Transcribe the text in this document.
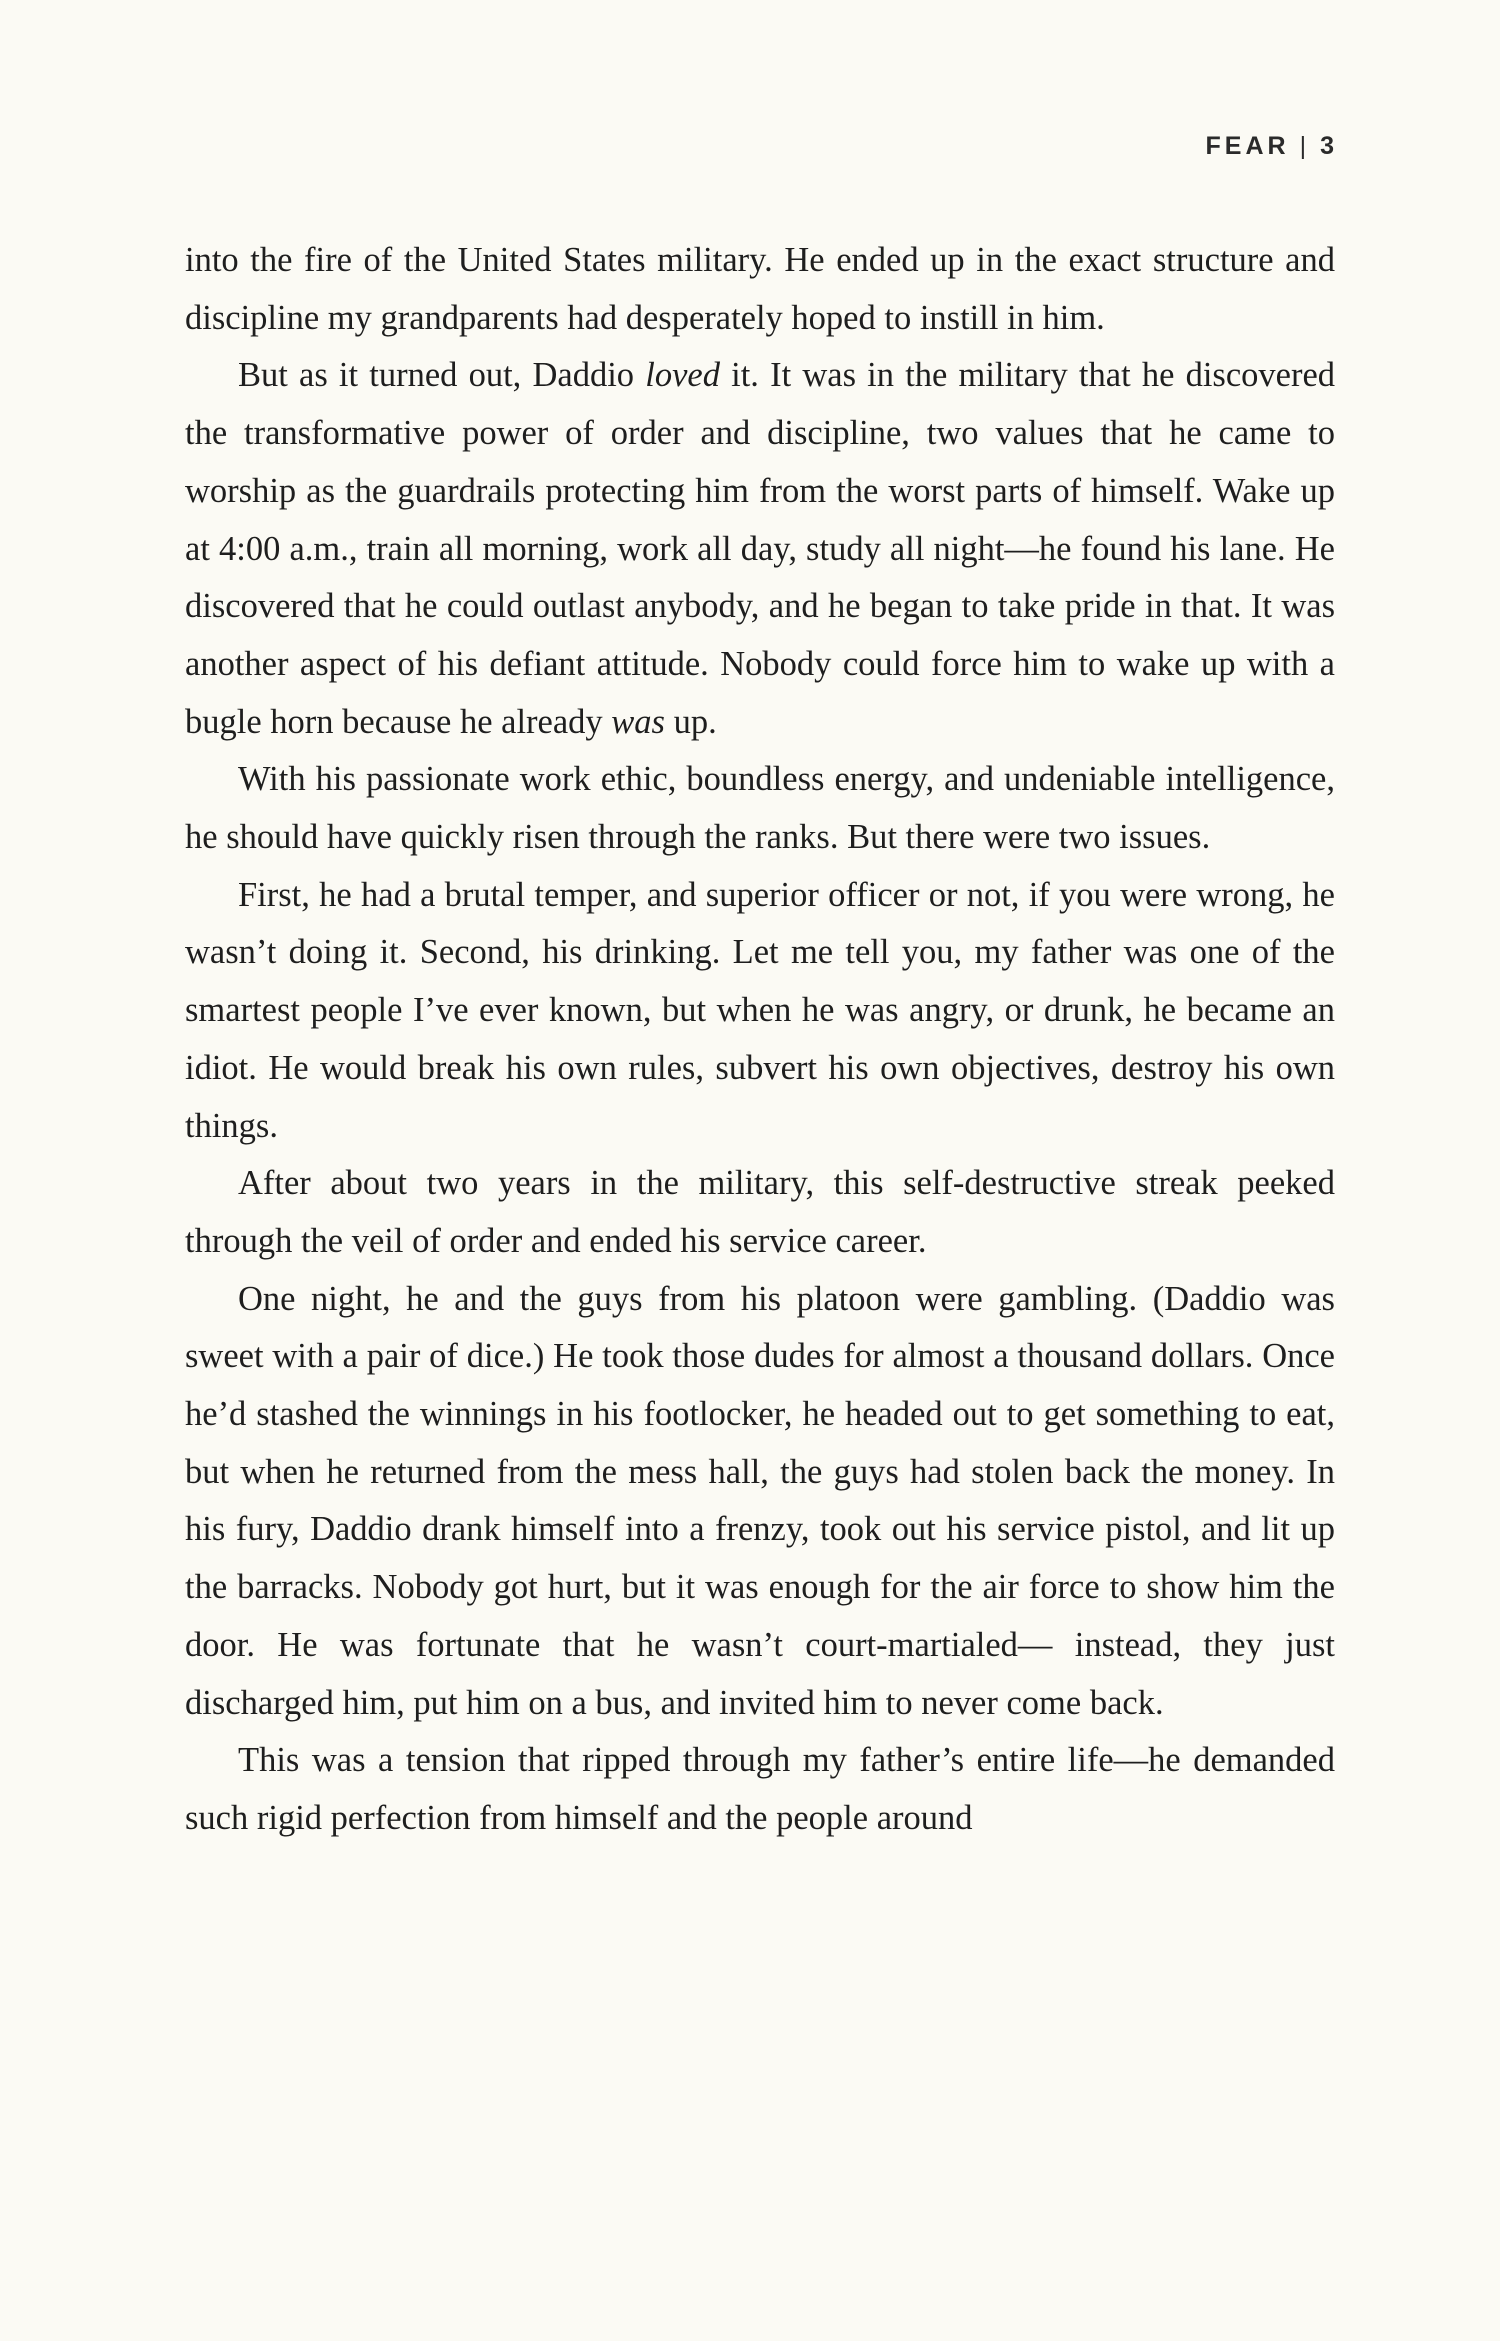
FEAR | 3

into the fire of the United States military. He ended up in the exact structure and discipline my grandparents had desperately hoped to instill in him.

But as it turned out, Daddio loved it. It was in the military that he discovered the transformative power of order and discipline, two values that he came to worship as the guardrails protecting him from the worst parts of himself. Wake up at 4:00 a.m., train all morning, work all day, study all night—he found his lane. He discovered that he could outlast anybody, and he began to take pride in that. It was another aspect of his defiant attitude. Nobody could force him to wake up with a bugle horn because he already was up.

With his passionate work ethic, boundless energy, and undeniable intelligence, he should have quickly risen through the ranks. But there were two issues.

First, he had a brutal temper, and superior officer or not, if you were wrong, he wasn’t doing it. Second, his drinking. Let me tell you, my father was one of the smartest people I’ve ever known, but when he was angry, or drunk, he became an idiot. He would break his own rules, subvert his own objectives, destroy his own things.

After about two years in the military, this self-destructive streak peeked through the veil of order and ended his service career.

One night, he and the guys from his platoon were gambling. (Daddio was sweet with a pair of dice.) He took those dudes for almost a thousand dollars. Once he’d stashed the winnings in his footlocker, he headed out to get something to eat, but when he returned from the mess hall, the guys had stolen back the money. In his fury, Daddio drank himself into a frenzy, took out his service pistol, and lit up the barracks. Nobody got hurt, but it was enough for the air force to show him the door. He was fortunate that he wasn’t court-martialed— instead, they just discharged him, put him on a bus, and invited him to never come back.

This was a tension that ripped through my father’s entire life—he demanded such rigid perfection from himself and the people around
